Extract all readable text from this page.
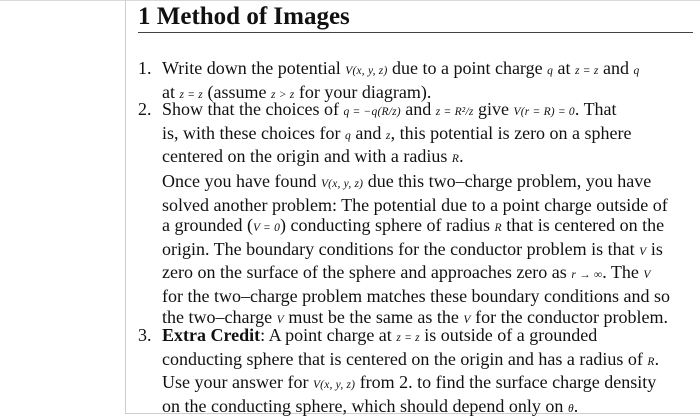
1 Method of Images
1. Write down the potential V(x, y, z) due to a point charge q at z = z and q
at z = z (assume z > z for your diagram).
2. Show that the choices of q = −q(R/z) and z = R²/z give V(r = R) = 0. That
is, with these choices for q and z, this potential is zero on a sphere
centered on the origin and with a radius R.
Once you have found V(x, y, z) due this two–charge problem, you have
solved another problem: The potential due to a point charge outside of
a grounded (V = 0) conducting sphere of radius R that is centered on the
origin. The boundary conditions for the conductor problem is that V is
zero on the surface of the sphere and approaches zero as r → ∞. The V
for the two–charge problem matches these boundary conditions and so
the two–charge V must be the same as the V for the conductor problem.
3. Extra Credit: A point charge at z = z is outside of a grounded
conducting sphere that is centered on the origin and has a radius of R.
Use your answer for V(x, y, z) from 2. to find the surface charge density
on the conducting sphere, which should depend only on θ.
